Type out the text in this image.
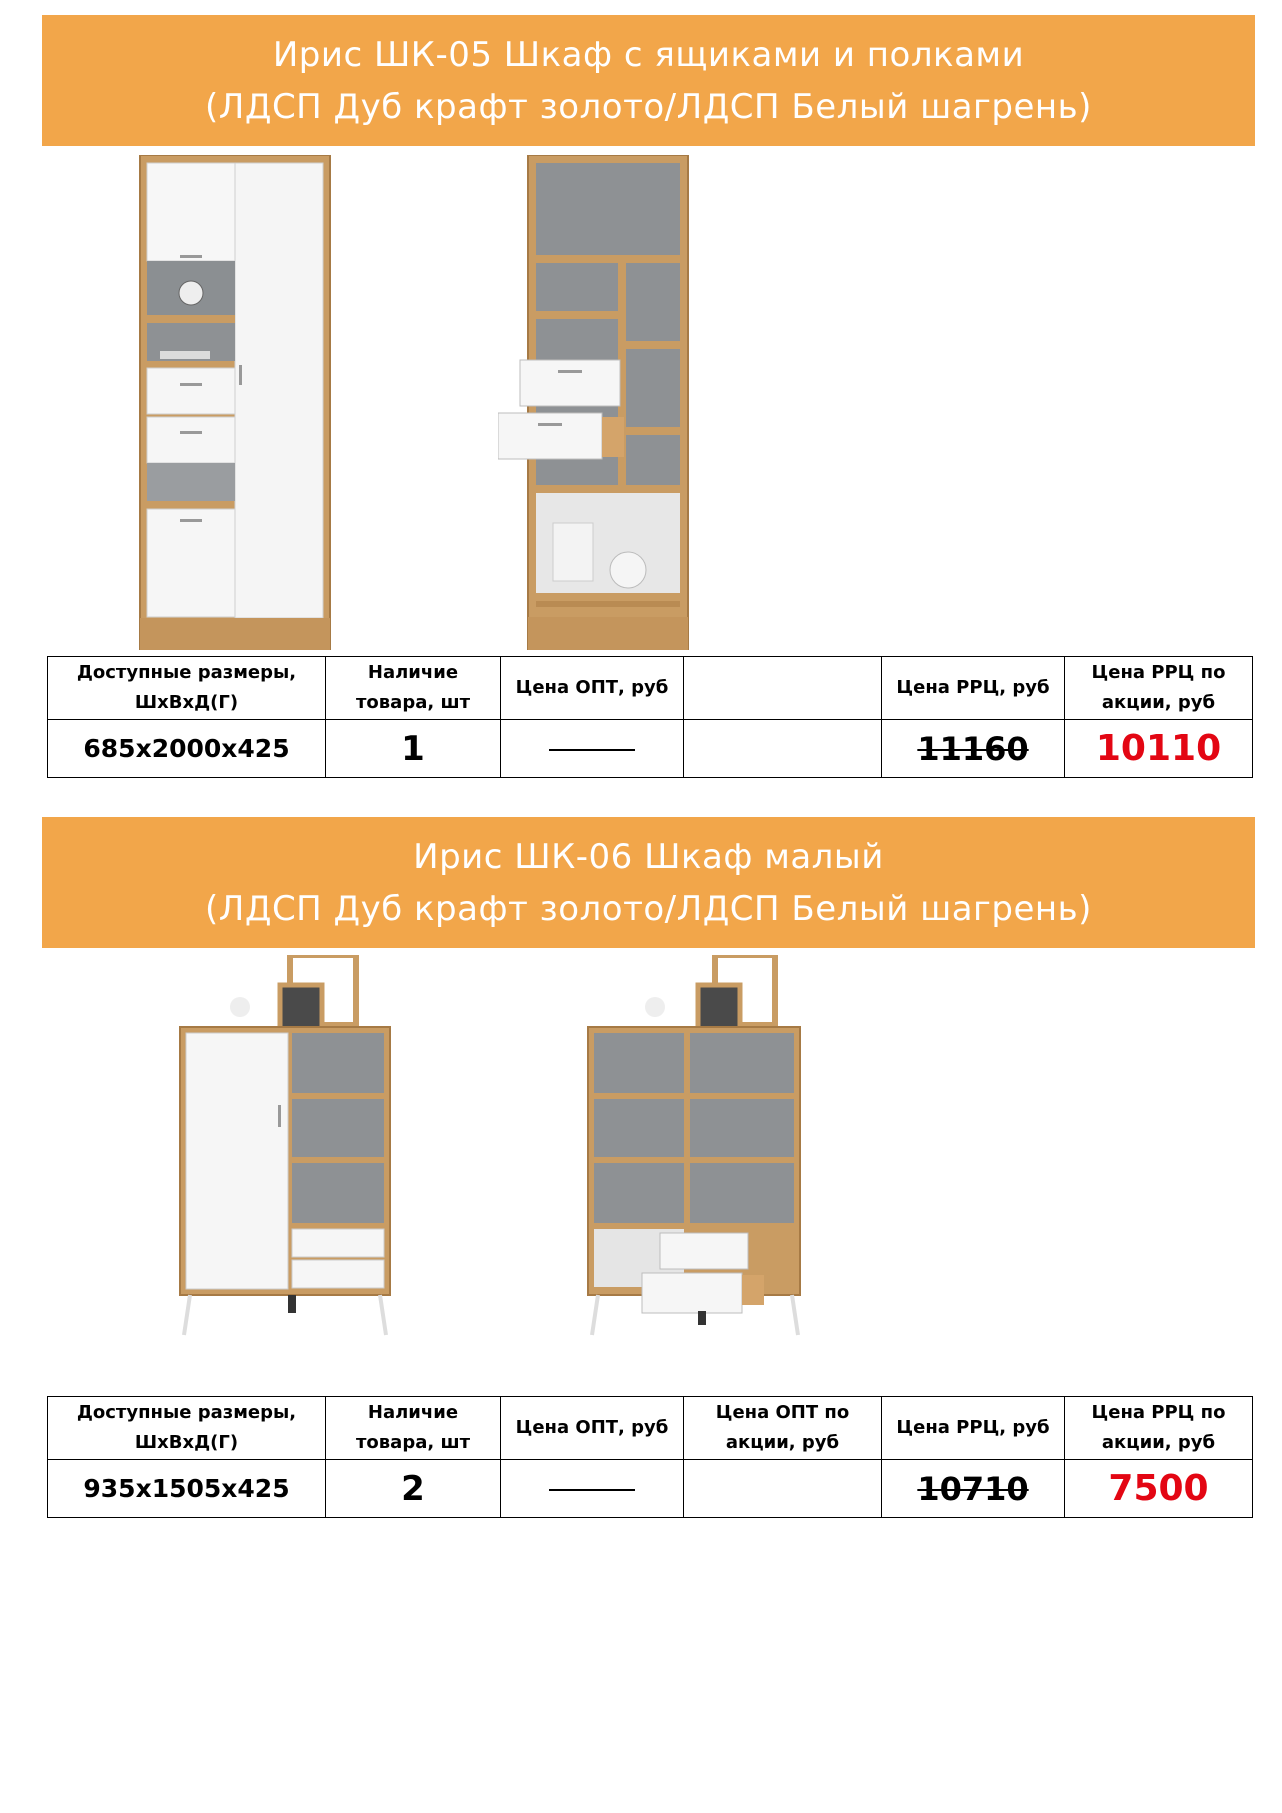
Ирис ШК-05 Шкаф с ящиками и полками
(ЛДСП Дуб крафт золото/ЛДСП Белый шагрень)
Доступные размеры,
ШхВхД(Г)	Наличие
товара, шт	Цена ОПТ, руб		Цена РРЦ, руб	Цена РРЦ по
акции, руб

685х2000х425	1			11160	10110
Ирис ШК-06 Шкаф малый
(ЛДСП Дуб крафт золото/ЛДСП Белый шагрень)
Доступные размеры,
ШхВхД(Г)	Наличие
товара, шт	Цена ОПТ, руб	Цена ОПТ по
акции, руб	Цена РРЦ, руб	Цена РРЦ по
акции, руб

935х1505х425	2			10710	7500
